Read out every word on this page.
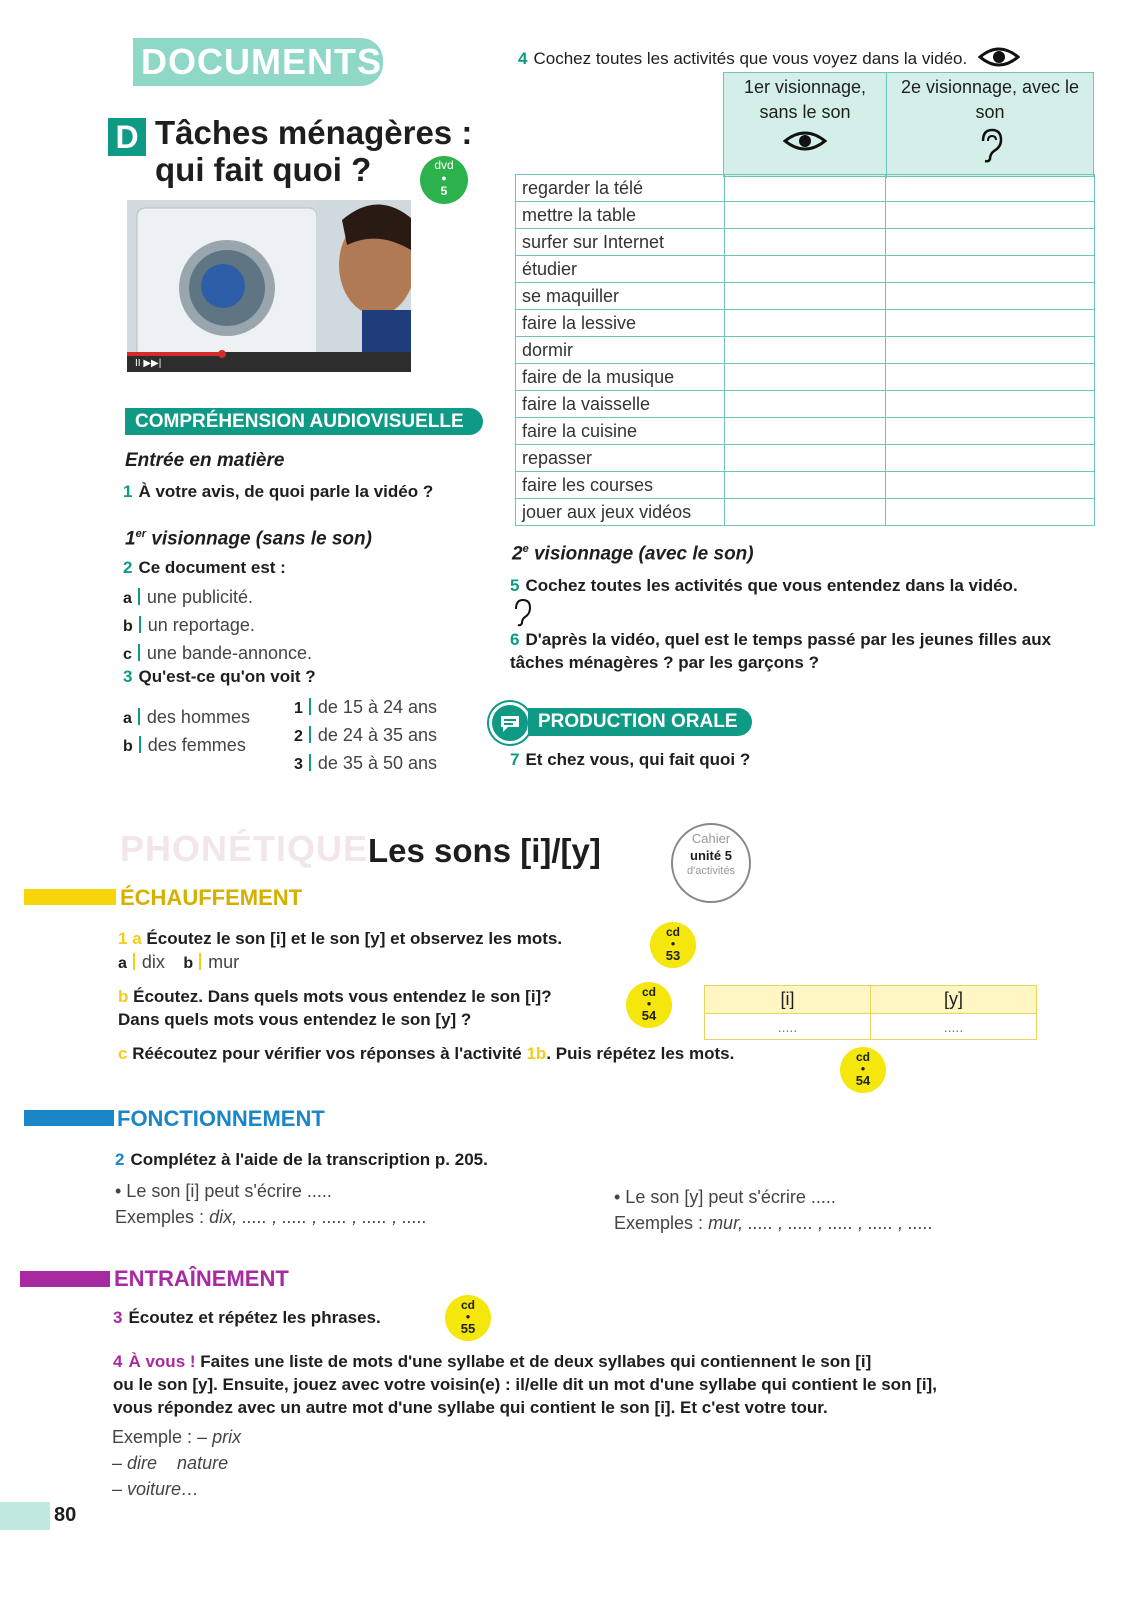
DOCUMENTS
D Tâches ménagères :
qui fait quoi ?	dvd
●
5
II ▶▶|
COMPRÉHENSION AUDIOVISUELLE
Entrée en matière
1 À votre avis, de quoi parle la vidéo ?
1er visionnage (sans le son)
2 Ce document est :
a une publicité.
b un reportage.
c une bande-annonce.
3 Qu'est-ce qu'on voit ?
a des hommes
b des femmes
1 de 15 à 24 ans
2 de 24 à 35 ans
3 de 35 à 50 ans
4 Cochez toutes les activités que vous voyez dans la vidéo.
1er visionnage, sans le son
2e visionnage, avec le son
regarder la télé		
mettre la table		
surfer sur Internet		
étudier		
se maquiller		
faire la lessive		
dormir		
faire de la musique		
faire la vaisselle		
faire la cuisine		
repasser		
faire les courses		
jouer aux jeux vidéos		
2e visionnage (avec le son)
5 Cochez toutes les activités que vous entendez dans la vidéo.
6 D'après la vidéo, quel est le temps passé par les jeunes filles aux tâches ménagères ? par les garçons ?
PRODUCTION ORALE
7 Et chez vous, qui fait quoi ?
PHONÉTIQUE Les sons [i]/[y]	Cahier
unité 5
d'activités
ÉCHAUFFEMENT
1 a Écoutez le son [i] et le son [y] et observez les mots.
a dix b mur
cd
●
53
b Écoutez. Dans quels mots vous entendez le son [i]?
Dans quels mots vous entendez le son [y] ?
cd
●
54
[i]	[y]
.....	.....
c Réécoutez pour vérifier vos réponses à l'activité 1b. Puis répétez les mots.	cd
●
54
FONCTIONNEMENT
2 Complétez à l'aide de la transcription p. 205.
• Le son [i] peut s'écrire .....
Exemples : dix, ..... , ..... , ..... , ..... , .....
• Le son [y] peut s'écrire .....
Exemples : mur, ..... , ..... , ..... , ..... , .....
ENTRAÎNEMENT
3 Écoutez et répétez les phrases.
cd
●
55
4 À vous ! Faites une liste de mots d'une syllabe et de deux syllabes qui contiennent le son [i]
ou le son [y]. Ensuite, jouez avec votre voisin(e) : il/elle dit un mot d'une syllabe qui contient le son [i],
vous répondez avec un autre mot d'une syllabe qui contient le son [i]. Et c'est votre tour.
Exemple : – prix
– dire nature
– voiture…
80
